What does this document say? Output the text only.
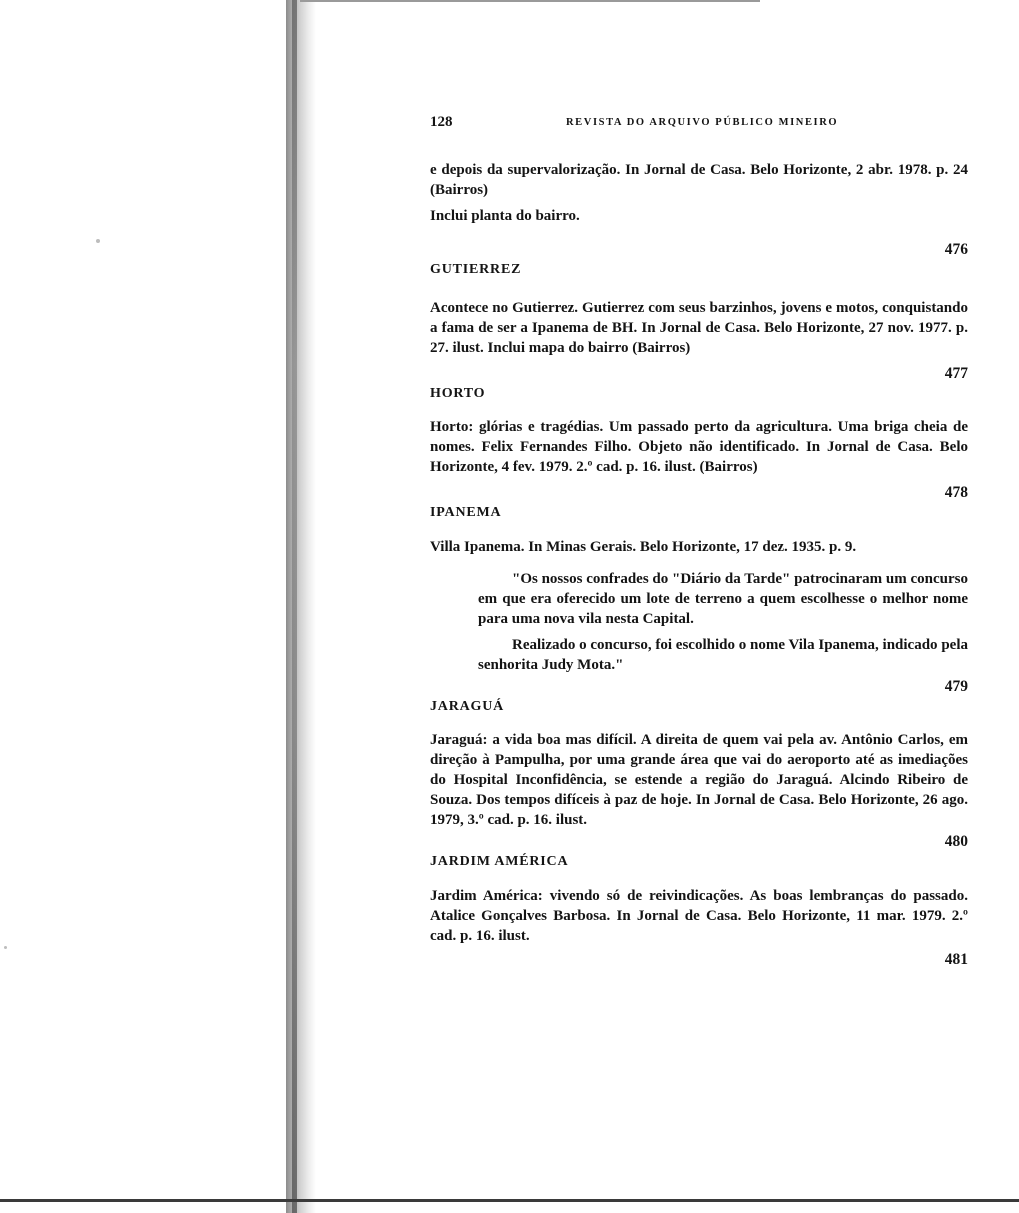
128	REVISTA DO ARQUIVO PÚBLICO MINEIRO

e depois da supervalorização. In Jornal de Casa. Belo Horizonte, 2 abr. 1978. p. 24 (Bairros)

Inclui planta do bairro.

476

GUTIERREZ

Acontece no Gutierrez. Gutierrez com seus barzinhos, jovens e motos, conquistando a fama de ser a Ipanema de BH. In Jornal de Casa. Belo Horizonte, 27 nov. 1977. p. 27. ilust. Inclui mapa do bairro (Bairros)

477

HORTO

Horto: glórias e tragédias. Um passado perto da agricultura. Uma briga cheia de nomes. Felix Fernandes Filho. Objeto não identificado. In Jornal de Casa. Belo Horizonte, 4 fev. 1979. 2.º cad. p. 16. ilust. (Bairros)

478

IPANEMA

Villa Ipanema. In Minas Gerais. Belo Horizonte, 17 dez. 1935. p. 9.

"Os nossos confrades do "Diário da Tarde" patrocinaram um concurso em que era oferecido um lote de terreno a quem escolhesse o melhor nome para uma nova vila nesta Capital.

Realizado o concurso, foi escolhido o nome Vila Ipanema, indicado pela senhorita Judy Mota."

479

JARAGUÁ

Jaraguá: a vida boa mas difícil. A direita de quem vai pela av. Antônio Carlos, em direção à Pampulha, por uma grande área que vai do aeroporto até as imediações do Hospital Inconfidência, se estende a região do Jaraguá. Alcindo Ribeiro de Souza. Dos tempos difíceis à paz de hoje. In Jornal de Casa. Belo Horizonte, 26 ago. 1979, 3.º cad. p. 16. ilust.

480

JARDIM AMÉRICA

Jardim América: vivendo só de reivindicações. As boas lembranças do passado. Atalice Gonçalves Barbosa. In Jornal de Casa. Belo Horizonte, 11 mar. 1979. 2.º cad. p. 16. ilust.

481
